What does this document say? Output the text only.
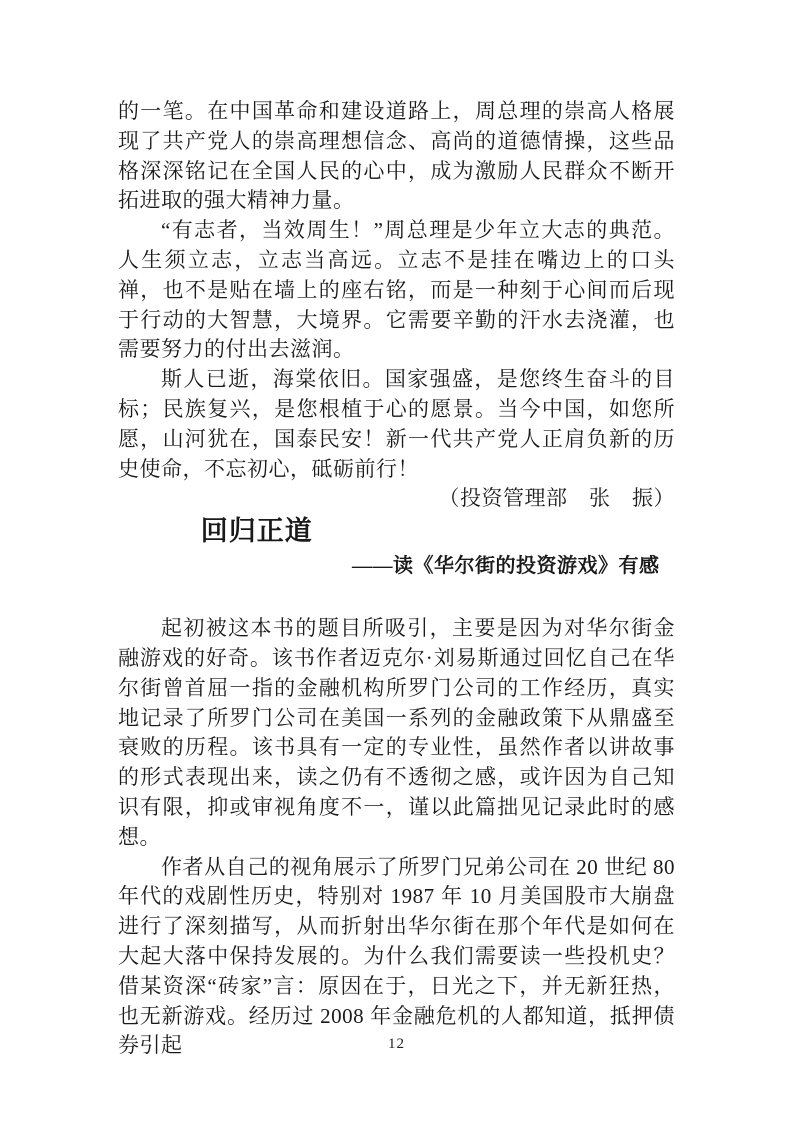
的一笔。在中国革命和建设道路上，周总理的崇高人格展现了共产党人的崇高理想信念、高尚的道德情操，这些品格深深铭记在全国人民的心中，成为激励人民群众不断开拓进取的强大精神力量。

“有志者，当效周生！”周总理是少年立大志的典范。人生须立志，立志当高远。立志不是挂在嘴边上的口头禅，也不是贴在墙上的座右铭，而是一种刻于心间而后现于行动的大智慧，大境界。它需要辛勤的汗水去浇灌，也需要努力的付出去滋润。

斯人已逝，海棠依旧。国家强盛，是您终生奋斗的目标；民族复兴，是您根植于心的愿景。当今中国，如您所愿，山河犹在，国泰民安！新一代共产党人正肩负新的历史使命，不忘初心，砥砺前行！
（投资管理部　张　振）

回归正道
——读《华尔街的投资游戏》有感

起初被这本书的题目所吸引，主要是因为对华尔街金融游戏的好奇。该书作者迈克尔·刘易斯通过回忆自己在华尔街曾首屈一指的金融机构所罗门公司的工作经历，真实地记录了所罗门公司在美国一系列的金融政策下从鼎盛至衰败的历程。该书具有一定的专业性，虽然作者以讲故事的形式表现出来，读之仍有不透彻之感，或许因为自己知识有限，抑或审视角度不一，谨以此篇拙见记录此时的感想。

作者从自己的视角展示了所罗门兄弟公司在 20 世纪 80 年代的戏剧性历史，特别对 1987 年 10 月美国股市大崩盘进行了深刻描写，从而折射出华尔街在那个年代是如何在大起大落中保持发展的。为什么我们需要读一些投机史？借某资深“砖家”言：原因在于，日光之下，并无新狂热，也无新游戏。经历过 2008 年金融危机的人都知道，抵押债券引起	12
